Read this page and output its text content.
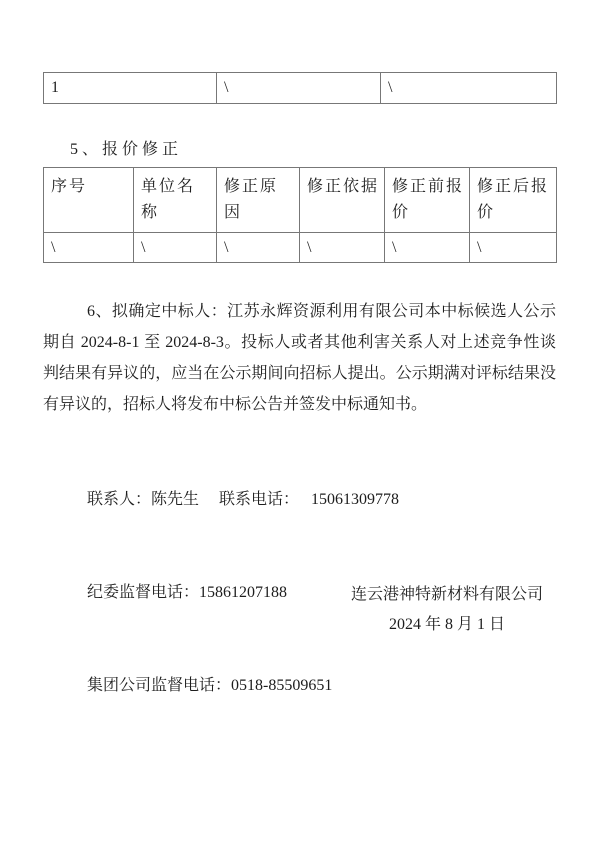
1	\	\
5、报价修正
序号	单位名称	修正原因	修正依据	修正前报价	修正后报价
\	\	\	\	\	\

6、拟确定中标人：江苏永辉资源利用有限公司本中标候选人公示期自 2024-8-1 至 2024-8-3。投标人或者其他利害关系人对上述竞争性谈判结果有异议的，应当在公示期间向招标人提出。公示期满对评标结果没有异议的，招标人将发布中标公告并签发中标通知书。

联系人：陈先生     联系电话：   15061309778

纪委监督电话：15861207188

集团公司监督电话：0518-85509651

连云港神特新材料有限公司
2024 年 8 月 1 日
